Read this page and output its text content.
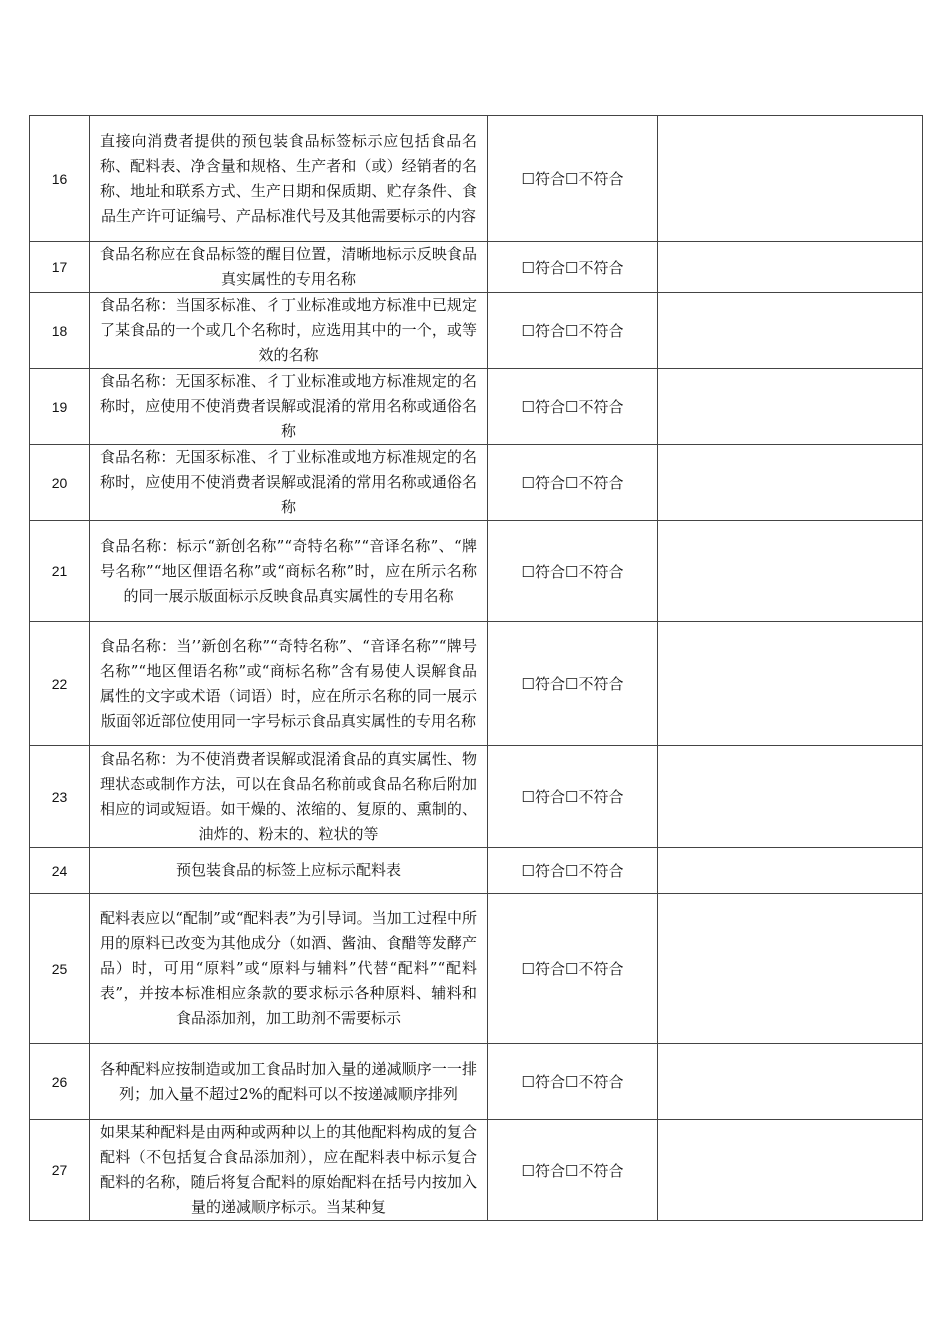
16	直接向消费者提供的预包装食品标签标示应包括食品名称、配料表、净含量和规格、生产者和（或）经销者的名称、地址和联系方式、生产日期和保质期、贮存条件、食品生产许可证编号、产品标准代号及其他需要标示的内容	☐符合☐不符合	
17	食品名称应在食品标签的醒目位置，清晰地标示反映食品真实属性的专用名称	☐符合☐不符合	
18	食品名称：当国豕标准、彳丁业标准或地方标准中已规定了某食品的一个或几个名称时，应选用其中的一个，或等效的名称	☐符合☐不符合	
19	食品名称：无国豕标准、彳丁业标准或地方标准规定的名称时，应使用不使消费者误解或混淆的常用名称或通俗名称	☐符合☐不符合	
20	食品名称：无国豕标准、彳丁业标准或地方标准规定的名称时，应使用不使消费者误解或混淆的常用名称或通俗名称	☐符合☐不符合	
21	食品名称：标示“新创名称”“奇特名称”“音译名称”、“牌号名称”“地区俚语名称”或“商标名称”时，应在所示名称的同一展示版面标示反映食品真实属性的专用名称	☐符合☐不符合	
22	食品名称：当’’新创名称”“奇特名称”、“音译名称”“牌号名称”“地区俚语名称”或“商标名称”含有易使人误解食品属性的文字或术语（词语）时，应在所示名称的同一展示版面邻近部位使用同一字号标示食品真实属性的专用名称	☐符合☐不符合	
23	食品名称：为不使消费者误解或混淆食品的真实属性、物理状态或制作方法，可以在食品名称前或食品名称后附加相应的词或短语。如干燥的、浓缩的、复原的、熏制的、油炸的、粉末的、粒状的等	☐符合☐不符合	
24	预包装食品的标签上应标示配料表	☐符合☐不符合	
25	配料表应以“配制”或“配料表”为引导词。当加工过程中所用的原料已改变为其他成分（如酒、酱油、食醋等发酵产品）时，可用“原料”或“原料与辅料”代替“配料”“配料表”，并按本标准相应条款的要求标示各种原料、辅料和食品添加剂，加工助剂不需要标示	☐符合☐不符合	
26	各种配料应按制造或加工食品时加入量的递减顺序一一排列；加入量不超过2%的配料可以不按递减顺序排列	☐符合☐不符合	
27	如果某种配料是由两种或两种以上的其他配料构成的复合配料（不包括复合食品添加剂），应在配料表中标示复合配料的名称，随后将复合配料的原始配料在括号内按加入量的递减顺序标示。当某种复	☐符合☐不符合	
